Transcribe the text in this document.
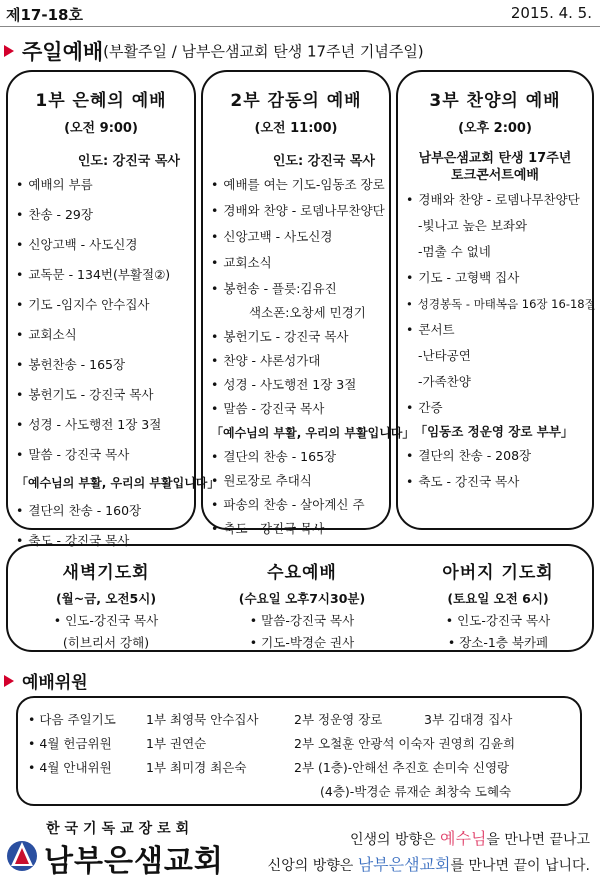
제17-18호	2015. 4. 5.
주일예배(부활주일 / 남부은샘교회 탄생 17주년 기념주일)
1부 은혜의 예배
(오전 9:00)
인도: 강진국 목사
• 예배의 부름
• 찬송 - 29장
• 신앙고백 - 사도신경
• 교독문 - 134번(부활절②)
• 기도 -임지수 안수집사
• 교회소식
• 봉헌찬송 - 165장
• 봉헌기도 - 강진국 목사
• 성경 - 사도행전 1장 3절
• 말씀 - 강진국 목사
「예수님의 부활, 우리의 부활입니다」
• 결단의 찬송 - 160장
• 축도 - 강진국 목사
2부 감동의 예배
(오전 11:00)
인도: 강진국 목사
• 예배를 여는 기도-임동조 장로
• 경배와 찬양 - 로뎀나무찬양단
• 신앙고백 - 사도신경
• 교회소식
• 봉헌송 - 플릇:김유진
색소폰:오창세 민경기
• 봉헌기도 - 강진국 목사
• 찬양 - 샤론성가대
• 성경 - 사도행전 1장 3절
• 말씀 - 강진국 목사
「예수님의 부활, 우리의 부활입니다」
• 결단의 찬송 - 165장
• 원로장로 추대식
• 파송의 찬송 - 살아계신 주
• 축도 - 강진국 목사
3부 찬양의 예배
(오후 2:00)
남부은샘교회 탄생 17주년
토크콘서트예배
• 경배와 찬양 - 로뎀나무찬양단
-빛나고 높은 보좌와
-멈출 수 없네
• 기도 - 고형백 집사
• 성경봉독 - 마태복음 16장 16-18절
• 콘서트
-난타공연
-가족찬양
• 간증
「임동조 정운영 장로 부부」
• 결단의 찬송 - 208장
• 축도 - 강진국 목사
새벽기도회
(월~금, 오전5시)
• 인도-강진국 목사
(히브리서 강해)
수요예배
(수요일 오후7시30분)
• 말씀-강진국 목사
• 기도-박경순 권사
아버지 기도회
(토요일 오전 6시)
• 인도-강진국 목사
• 장소-1층 북카페
예배위원
• 다음 주일기도	1부 최영묵 안수집사	2부 정운영 장로	3부 김대경 집사
• 4월 헌금위원	1부 권연순	2부 오철훈 안광석 이숙자 권영희 김윤희	
• 4월 안내위원	1부 최미경 최은숙	2부 (1층)-안해선 추진호 손미숙 신영랑	
		(4층)-박경순 류재순 최창숙 도혜숙	
한국기독교장로회
남부은샘교회
인생의 방향은 예수님을 만나면 끝나고
신앙의 방향은 남부은샘교회를 만나면 끝이 납니다.
